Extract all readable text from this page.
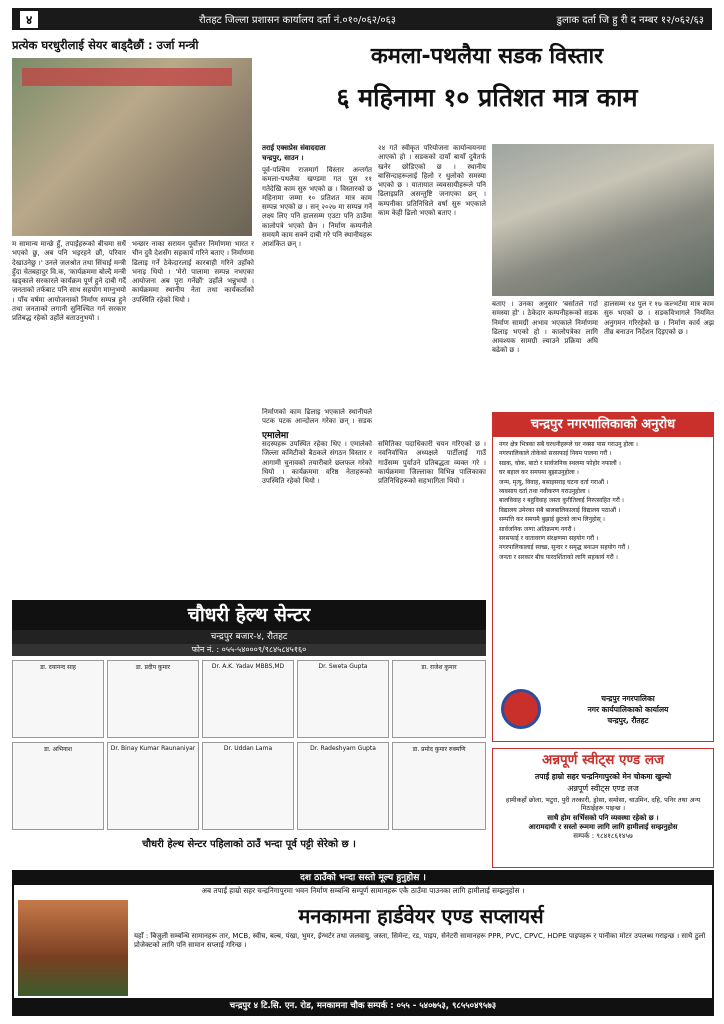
४	रौतहट जिल्ला प्रशासन कार्यालय दर्ता नं.०१०/०६२/०६३	डुलाक दर्ता जि हु री द नम्बर १२/०६२/६३
प्रत्येक घरधुरीलाई सेयर बाड्दैछौं : उर्जा मन्त्री
म सामान्य मान्छे हुँ, तपाईंहरूको बीचमा सधैं भएको छु, अब पनि भइरहने छौं, परिवार देखाउनेछु ।' उनले जलश्रोत तथा सिंचाई मन्त्री हुँदा चेतबहादुर वि.क, 'कार्यक्रममा बोल्दै मन्त्री खड्काले सरकारले कार्यक्रम पूर्ण हुने दाबी गर्दै जनताको तर्फबाट पनि साथ सहयोग माग्नुभयो । पाँच वर्षमा आयोजनाको निर्माण सम्पन्न हुने तथा जनताको लगानी सुनिश्चित गर्न सरकार प्रतिबद्ध रहेको उहाँले बताउनुभयो ।
भन्छार नाका सरायन पूर्वोत्तर निर्माणमा भारत र चीन दुवै देशसँग सहकार्य गरिने बताए । निर्माणमा ढिलाइ गर्ने ठेकेदारलाई कारबाही गरिने उहाँको भनाइ थियो । 'मेरो पालामा सम्पन्न नभएका आयोजना अब पूरा गर्नेछौं' उहाँले भन्नुभयो । कार्यक्रममा स्थानीय नेता तथा कार्यकर्ताको उपस्थिति रहेको थियो ।
कमला-पथलैया सडक विस्तार
६ महिनामा १० प्रतिशत मात्र काम
तराई एक्सप्रेस संवाददाता
चन्द्रपुर, साउन ।
पूर्व-पश्चिम राजमार्ग विस्तार अन्तर्गत कमला-पथलैया खण्डमा गत पुस ११ गतेदेखि काम सुरु भएको छ । विस्तारको छ महिनामा जम्मा १० प्रतिशत मात्र काम सम्पन्न भएको छ । सन् २०२७ मा सम्पन्न गर्ने लक्ष्य लिए पनि हालसम्म एउटा पनि ठाउँमा कालोपत्रे भएको छैन । निर्माण कम्पनीले समयमै काम सक्ने दाबी गरे पनि स्थानीयहरू आशंकित छन् ।
२४ गते स्वीकृत परियोजना कार्यान्वयनमा आएको हो । सडकको दायाँ बायाँ दुवैतर्फ खनेर छोडिएको छ । स्थानीय बासिन्दाहरूलाई हिलो र धुलोको समस्या भएको छ । यातायात व्यवसायीहरूले पनि ढिलाइप्रति असन्तुष्टि जनाएका छन् । कम्पनीका प्रतिनिधिले वर्षा सुरु भएकाले काम केही ढिलो भएको बताए ।
बताए । उनका अनुसार 'बर्सातले गर्दा समस्या हो' । ठेकेदार कम्पनीहरूको सडक निर्माण सामग्री अभाव भएकाले निर्माणमा ढिलाइ भएको हो । कालोपत्रेका लागि आवश्यक सामग्री ल्याउने प्रक्रिया अघि बढेको छ ।
हालसम्म १४ पुल र १७ कल्भर्टमा मात्र काम सुरु भएको छ । सडकविभागले नियमित अनुगमन गरिरहेको छ । निर्माण कार्य अझ तीव्र बनाउन निर्देशन दिइएको छ ।
निर्माणको काम ढिलाइ भएकाले स्थानीयले पटक पटक आन्दोलन गरेका छन् । सडक
एमालेमा
सदस्यहरू उपस्थित रहेका थिए । एमालेको जिल्ला कमिटीको बैठकले संगठन विस्तार र आगामी चुनावको तयारीबारे छलफल गरेको थियो । कार्यक्रममा वरिष्ठ नेताहरूको उपस्थिति रहेको थियो ।
समितिका पदाधिकारी चयन गरिएको छ । नवनिर्वाचित अध्यक्षले पार्टीलाई गाउँ गाउँसम्म पुर्याउने प्रतिबद्धता व्यक्त गरे । कार्यक्रममा जिल्लाका विभिन्न पालिकाका प्रतिनिधिहरूको सहभागिता थियो ।
चौधरी हेल्थ सेन्टर
चन्द्रपुर बजार-४, रौतहट
फोन नं. : ०५५-५४०००९/९८४५८४५१६०
डा. दयानन्द साह	डा. प्रदीप कुमार	Dr. A.K. Yadav MBBS,MD	Dr. Sweta Gupta	डा. राजेश कुमार
डा. अभिनाश	Dr. Binay Kumar Raunaniyar	Dr. Uddan Lama	Dr. Radeshyam Gupta	डा. प्रमोद कुमार रुक्मणि
चौधरी हेल्थ सेन्टर पहिलाको ठाउँ भन्दा पूर्व पट्टी सेरेको छ ।
चन्द्रपुर नगरपालिकाको अनुरोध
नगर क्षेत्र भित्रका सबै घरधनीहरूले घर नक्सा पास गराउनु होला ।
नगरपालिकाले तोकेको सरसफाई नियम पालना गरौं ।
सडक, चोक, बाटो र सार्वजनिक स्थलमा फोहोर नफालौं ।
घर बहाल कर समयमा बुझाउनुहोला ।
जन्म, मृत्यु, विवाह, बसाइसराइ घटना दर्ता गराऔं ।
व्यवसाय दर्ता तथा नवीकरण गराउनुहोला ।
बालविवाह र बहुविवाह जस्ता कुरीतिलाई निरुत्साहित गरौं ।
विद्यालय उमेरका सबै बालबालिकालाई विद्यालय पठाऔं ।
सम्पत्ति कर समयमै बुझाई छुटको लाभ लिनुहोस् ।
सार्वजनिक जग्गा अतिक्रमण नगरौं ।
सरसफाई र वातावरण संरक्षणमा सहयोग गरौं ।
नगरपालिकालाई स्वच्छ, सुन्दर र समृद्ध बनाउन सहयोग गरौं ।
जनता र सरकार बीच पारदर्शिताको लागि सहकार्य गरौं ।
चन्द्रपुर नगरपालिका
नगर कार्यपालिकाको कार्यालय
चन्द्रपुर, रौतहट
अन्नपूर्ण स्वीट्स एण्ड लज
तपाईं हाम्रो सहर चन्द्रनिगापुरको मेन चोकमा खुल्यो
अन्नपूर्ण स्वीट्स एण्ड लज
हामीकहाँ छोला, भटुरा, पुरी तरकारी, ड्रोसा, समोसा, चाउमिन, दहि, पनिर तथा अन्य मिठाईहरू पाइन्छ ।
साथै होम सर्भिसको पनि व्यवस्था रहेको छ ।
आरामदायी र सस्तो रूममा लागि लागि हामीलाई सम्झनुहोस
सम्पर्क : ९८४१८६१४५७
दश ठाउँको भन्दा सस्तो मूल्य हुनुहोस ।
अब तपाईं हाम्रो सहर चन्द्रनिगापुरमा भवन निर्माण सम्बन्धि सम्पूर्ण सामानहरू एकै ठाउँमा पाउनका लागि हामीलाई सम्झनुहोस ।
मनकामना हार्डवेयर एण्ड सप्लायर्स
यहाँ : बिजुली सम्बन्धि सामानहरू तार, MCB, स्वीच, बल्ब, पंखा, भुमर, ईन्भर्टर तथा जलवायु, जस्ता, सिमेन्ट, रड, पाइप, सेनेटरी सामानहरू PPR, PVC, CPVC, HDPE पाइपहरू र पानीका मोटर उपलब्ध गराइन्छ । साथै ठुलो प्रोजेक्टको लागि पनि सामान सप्लाई गरिन्छ ।
चन्द्रपुर ४ टि.सि. एन. रोड, मनकामना चौक सम्पर्क : ०५५ - ५४०७५३, ९८५५०४९५७३
